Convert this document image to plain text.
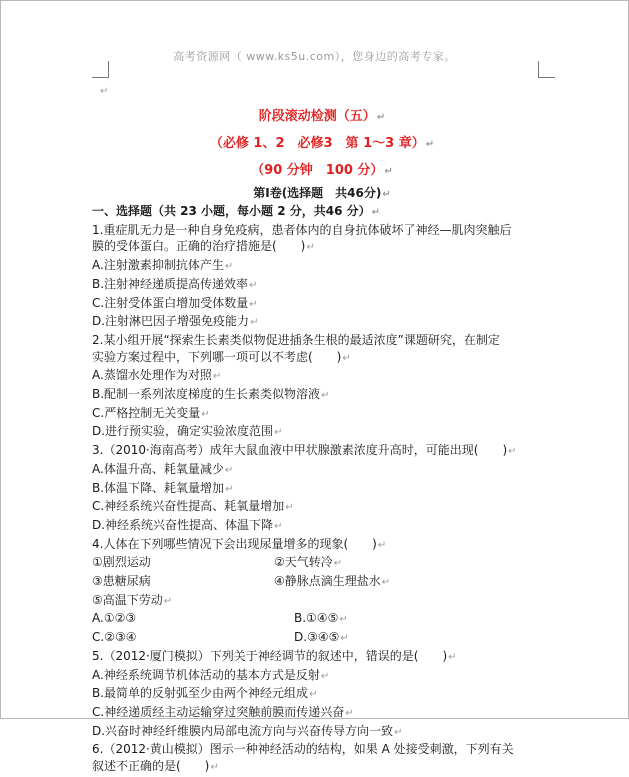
高考资源网（ www.ks5u.com），您身边的高考专家。
↵
阶段滚动检测（五）↵
（必修 1、2　必修3　第 1～3 章）↵
（90 分钟　100 分）↵
第Ⅰ卷(选择题　共46分)↵
一、选择题（共 23 小题，每小题 2 分，共46 分）↵
1.重症肌无力是一种自身免疫病，患者体内的自身抗体破坏了神经—肌肉突触后
膜的受体蛋白。正确的治疗措施是(　　)↵
A.注射激素抑制抗体产生↵
B.注射神经递质提高传递效率↵
C.注射受体蛋白增加受体数量↵
D.注射淋巴因子增强免疫能力↵
2.某小组开展“探索生长素类似物促进插条生根的最适浓度”课题研究，在制定
实验方案过程中，下列哪一项可以不考虑(　　)↵
A.蒸馏水处理作为对照↵
B.配制一系列浓度梯度的生长素类似物溶液↵
C.严格控制无关变量↵
D.进行预实验，确定实验浓度范围↵
3.（2010·海南高考）成年大鼠血液中甲状腺激素浓度升高时，可能出现(　　)↵
A.体温升高、耗氧量减少↵
B.体温下降、耗氧量增加↵
C.神经系统兴奋性提高、耗氧量增加↵
D.神经系统兴奋性提高、体温下降↵
4.人体在下列哪些情况下会出现尿量增多的现象(　　)↵
①剧烈运动	②天气转冷↵
③患糖尿病	④静脉点滴生理盐水↵
⑤高温下劳动↵
A.①②③	B.①④⑤↵
C.②③④	D.③④⑤↵
5.（2012·厦门模拟）下列关于神经调节的叙述中，错误的是(　　)↵
A.神经系统调节机体活动的基本方式是反射↵
B.最简单的反射弧至少由两个神经元组成↵
C.神经递质经主动运输穿过突触前膜而传递兴奋↵
D.兴奋时神经纤维膜内局部电流方向与兴奋传导方向一致↵
6.（2012·黄山模拟）图示一种神经活动的结构，如果 A 处接受刺激，下列有关
叙述不正确的是(　　)↵
